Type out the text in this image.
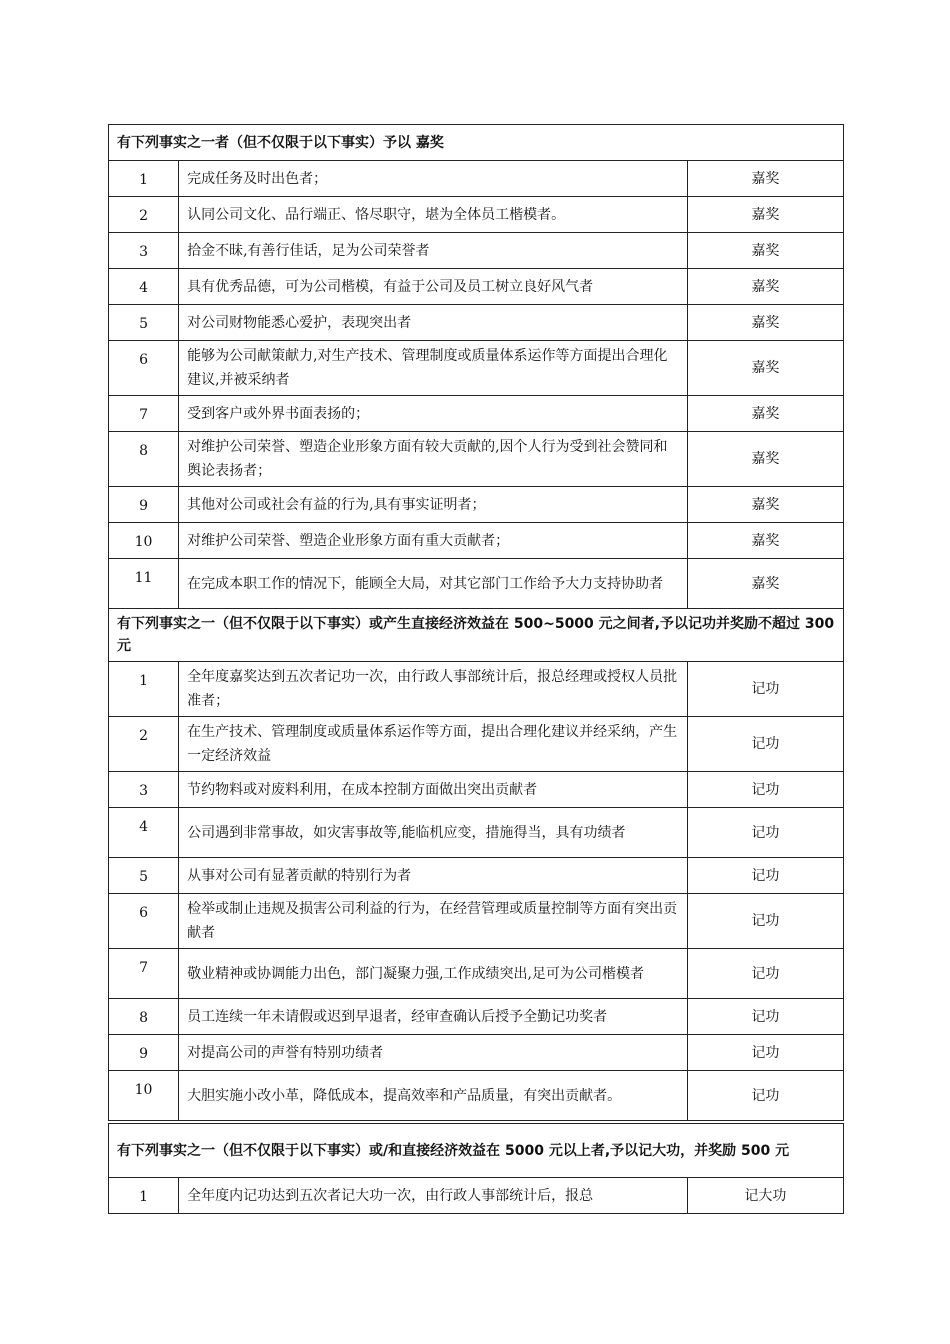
有下列事实之一者（但不仅限于以下事实）予以 嘉奖		
1	完成任务及时出色者；	嘉奖
2	认同公司文化、品行端正、恪尽职守，堪为全体员工楷模者。	嘉奖
3	拾金不昧,有善行佳话，足为公司荣誉者	嘉奖
4	具有优秀品德，可为公司楷模，有益于公司及员工树立良好风气者	嘉奖
5	对公司财物能悉心爱护，表现突出者	嘉奖
6	能够为公司献策献力,对生产技术、管理制度或质量体系运作等方面提出合理化建议,并被采纳者	嘉奖
7	受到客户或外界书面表扬的；	嘉奖
8	对维护公司荣誉、塑造企业形象方面有较大贡献的,因个人行为受到社会赞同和舆论表扬者；	嘉奖
9	其他对公司或社会有益的行为,具有事实证明者；	嘉奖
10	对维护公司荣誉、塑造企业形象方面有重大贡献者；	嘉奖
11	在完成本职工作的情况下，能顾全大局，对其它部门工作给予大力支持协助者	嘉奖
有下列事实之一（但不仅限于以下事实）或产生直接经济效益在 500~5000 元之间者,予以记功并奖励不超过 300 元		
1	全年度嘉奖达到五次者记功一次，由行政人事部统计后，报总经理或授权人员批准者；	记功
2	在生产技术、管理制度或质量体系运作等方面，提出合理化建议并经采纳，产生一定经济效益	记功
3	节约物料或对废料利用，在成本控制方面做出突出贡献者	记功
4	公司遇到非常事故，如灾害事故等,能临机应变，措施得当，具有功绩者	记功
5	从事对公司有显著贡献的特别行为者	记功
6	检举或制止违规及损害公司利益的行为，在经营管理或质量控制等方面有突出贡献者	记功
7	敬业精神或协调能力出色，部门凝聚力强,工作成绩突出,足可为公司楷模者	记功
8	员工连续一年未请假或迟到早退者，经审查确认后授予全勤记功奖者	记功
9	对提高公司的声誉有特别功绩者	记功
10	大胆实施小改小革，降低成本，提高效率和产品质量，有突出贡献者。	记功
有下列事实之一（但不仅限于以下事实）或/和直接经济效益在 5000 元以上者,予以记大功，并奖励 500 元
1	全年度内记功达到五次者记大功一次，由行政人事部统计后，报总	记大功
